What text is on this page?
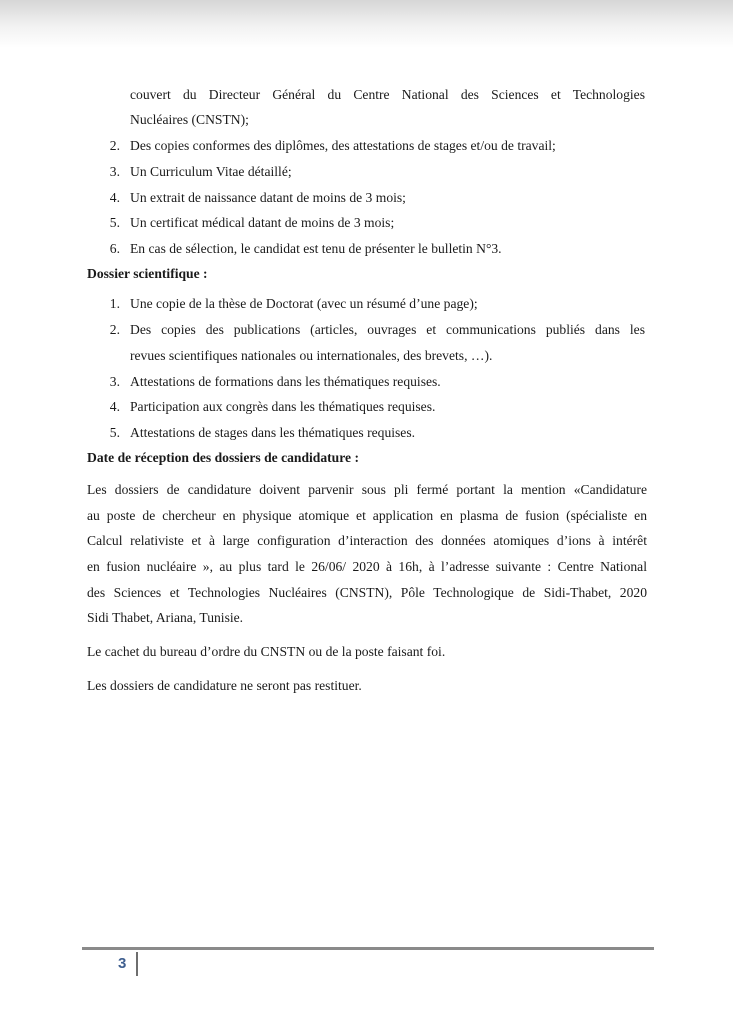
couvert du Directeur Général du Centre National des Sciences et Technologies
Nucléaires (CNSTN);
2. Des copies conformes des diplômes, des attestations de stages et/ou de travail;
3. Un Curriculum Vitae détaillé;
4. Un extrait de naissance datant de moins de 3 mois;
5. Un certificat médical datant de moins de 3 mois;
6. En cas de sélection, le candidat est tenu de présenter le bulletin N°3.
Dossier scientifique :
1. Une copie de la thèse de Doctorat (avec un résumé d’une page);
2. Des copies des publications (articles, ouvrages et communications publiés dans les
revues scientifiques nationales ou internationales, des brevets, …).
3. Attestations de formations dans les thématiques requises.
4. Participation aux congrès dans les thématiques requises.
5. Attestations de stages dans les thématiques requises.
Date de réception des dossiers de candidature :
Les dossiers de candidature doivent parvenir sous pli fermé portant la mention «Candidature
au poste de chercheur en physique atomique et application en plasma de fusion (spécialiste en
Calcul relativiste et à large configuration d’interaction des données atomiques d’ions à intérêt
en fusion nucléaire », au plus tard le 26/06/ 2020 à 16h, à l’adresse suivante : Centre National
des Sciences et Technologies Nucléaires (CNSTN), Pôle Technologique de Sidi-Thabet, 2020
Sidi Thabet, Ariana, Tunisie.
Le cachet du bureau d’ordre du CNSTN ou de la poste faisant foi.
Les dossiers de candidature ne seront pas restituer.
3
